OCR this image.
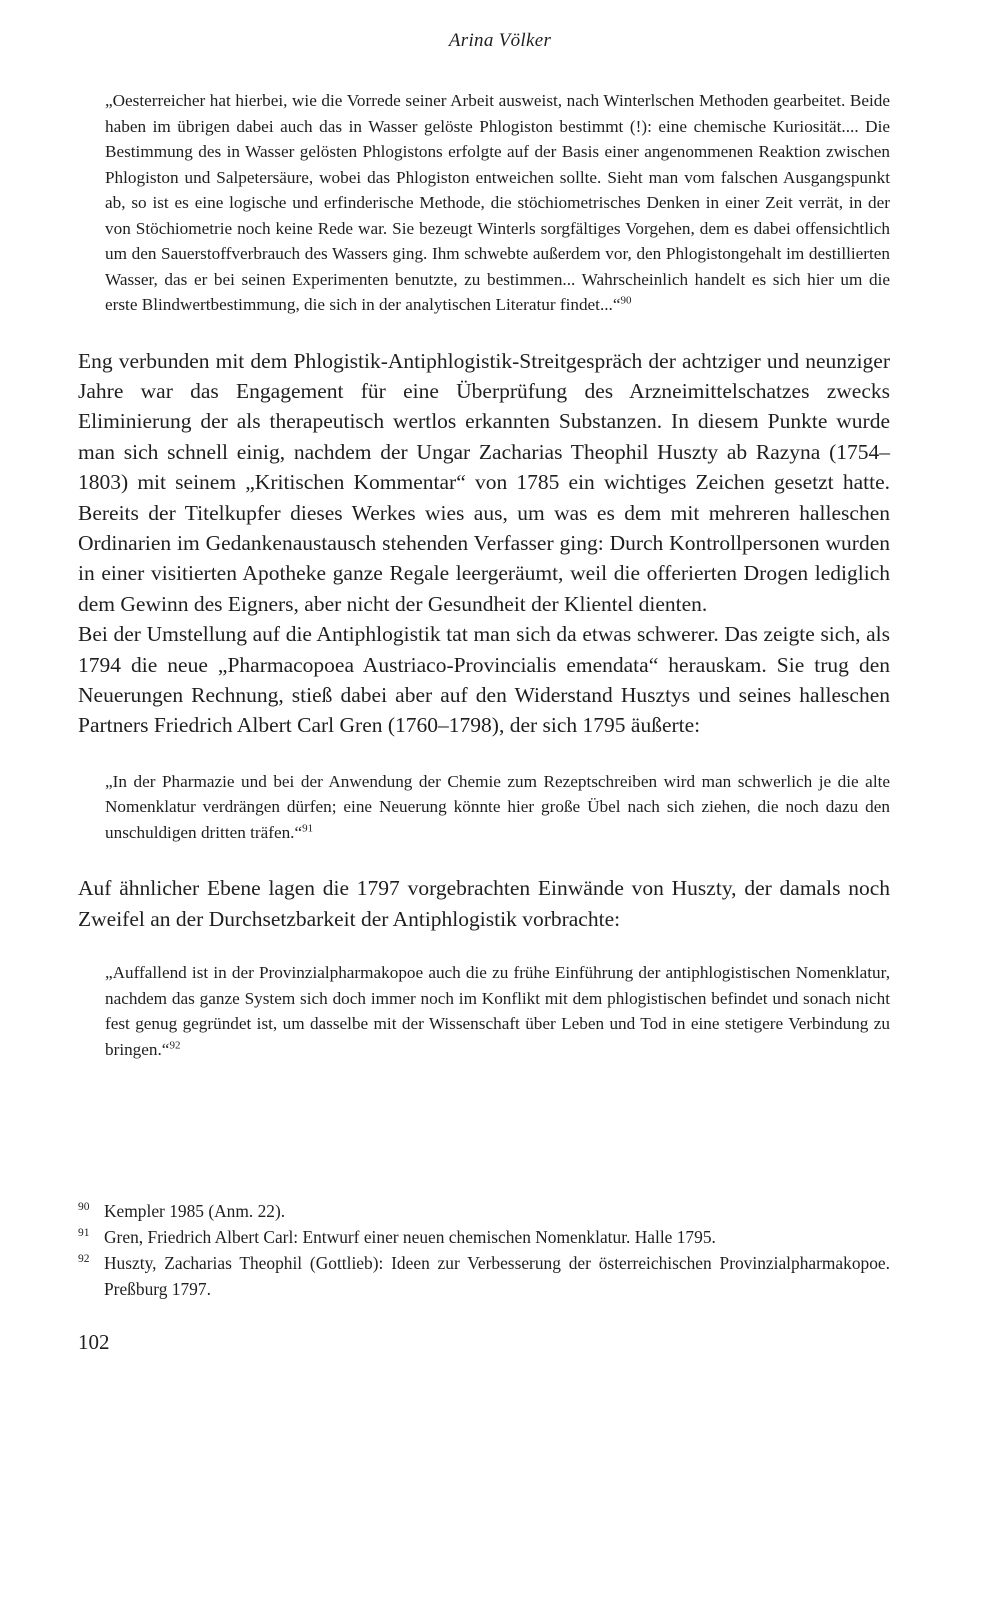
Arina Völker

„Oesterreicher hat hierbei, wie die Vorrede seiner Arbeit ausweist, nach Winterlschen Methoden gearbeitet. Beide haben im übrigen dabei auch das in Wasser gelöste Phlogiston bestimmt (!): eine chemische Kuriosität.... Die Bestimmung des in Wasser gelösten Phlogistons erfolgte auf der Basis einer angenommenen Reaktion zwischen Phlogiston und Salpetersäure, wobei das Phlogiston entweichen sollte. Sieht man vom falschen Ausgangspunkt ab, so ist es eine logische und erfinderische Methode, die stöchiometrisches Denken in einer Zeit verrät, in der von Stöchiometrie noch keine Rede war. Sie bezeugt Winterls sorgfältiges Vorgehen, dem es dabei offensichtlich um den Sauerstoffverbrauch des Wassers ging. Ihm schwebte außerdem vor, den Phlogistongehalt im destillierten Wasser, das er bei seinen Experimenten benutzte, zu bestimmen... Wahrscheinlich handelt es sich hier um die erste Blindwertbestimmung, die sich in der analytischen Literatur findet...“$^{90}$

Eng verbunden mit dem Phlogistik-Antiphlogistik-Streitgespräch der achtziger und neunziger Jahre war das Engagement für eine Überprüfung des Arzneimittelschatzes zwecks Eliminierung der als therapeutisch wertlos erkannten Substanzen. In diesem Punkte wurde man sich schnell einig, nachdem der Ungar Zacharias Theophil Huszty ab Razyna (1754–1803) mit seinem „Kritischen Kommentar“ von 1785 ein wichtiges Zeichen gesetzt hatte. Bereits der Titelkupfer dieses Werkes wies aus, um was es dem mit mehreren halleschen Ordinarien im Gedankenaustausch stehenden Verfasser ging: Durch Kontrollpersonen wurden in einer visitierten Apotheke ganze Regale leergeräumt, weil die offerierten Drogen lediglich dem Gewinn des Eigners, aber nicht der Gesundheit der Klientel dienten.

Bei der Umstellung auf die Antiphlogistik tat man sich da etwas schwerer. Das zeigte sich, als 1794 die neue „Pharmacopoea Austriaco-Provincialis emendata“ herauskam. Sie trug den Neuerungen Rechnung, stieß dabei aber auf den Widerstand Husztys und seines halleschen Partners Friedrich Albert Carl Gren (1760–1798), der sich 1795 äußerte:

„In der Pharmazie und bei der Anwendung der Chemie zum Rezeptschreiben wird man schwerlich je die alte Nomenklatur verdrängen dürfen; eine Neuerung könnte hier große Übel nach sich ziehen, die noch dazu den unschuldigen dritten träfen.“$^{91}$

Auf ähnlicher Ebene lagen die 1797 vorgebrachten Einwände von Huszty, der damals noch Zweifel an der Durchsetzbarkeit der Antiphlogistik vorbrachte:

„Auffallend ist in der Provinzialpharmakopoe auch die zu frühe Einführung der antiphlogistischen Nomenklatur, nachdem das ganze System sich doch immer noch im Konflikt mit dem phlogistischen befindet und sonach nicht fest genug gegründet ist, um dasselbe mit der Wissenschaft über Leben und Tod in eine stetigere Verbindung zu bringen.“$^{92}$

90 Kempler 1985 (Anm. 22).
91 Gren, Friedrich Albert Carl: Entwurf einer neuen chemischen Nomenklatur. Halle 1795.
92 Huszty, Zacharias Theophil (Gottlieb): Ideen zur Verbesserung der österreichischen Provinzialpharmakopoe. Preßburg 1797.
102
